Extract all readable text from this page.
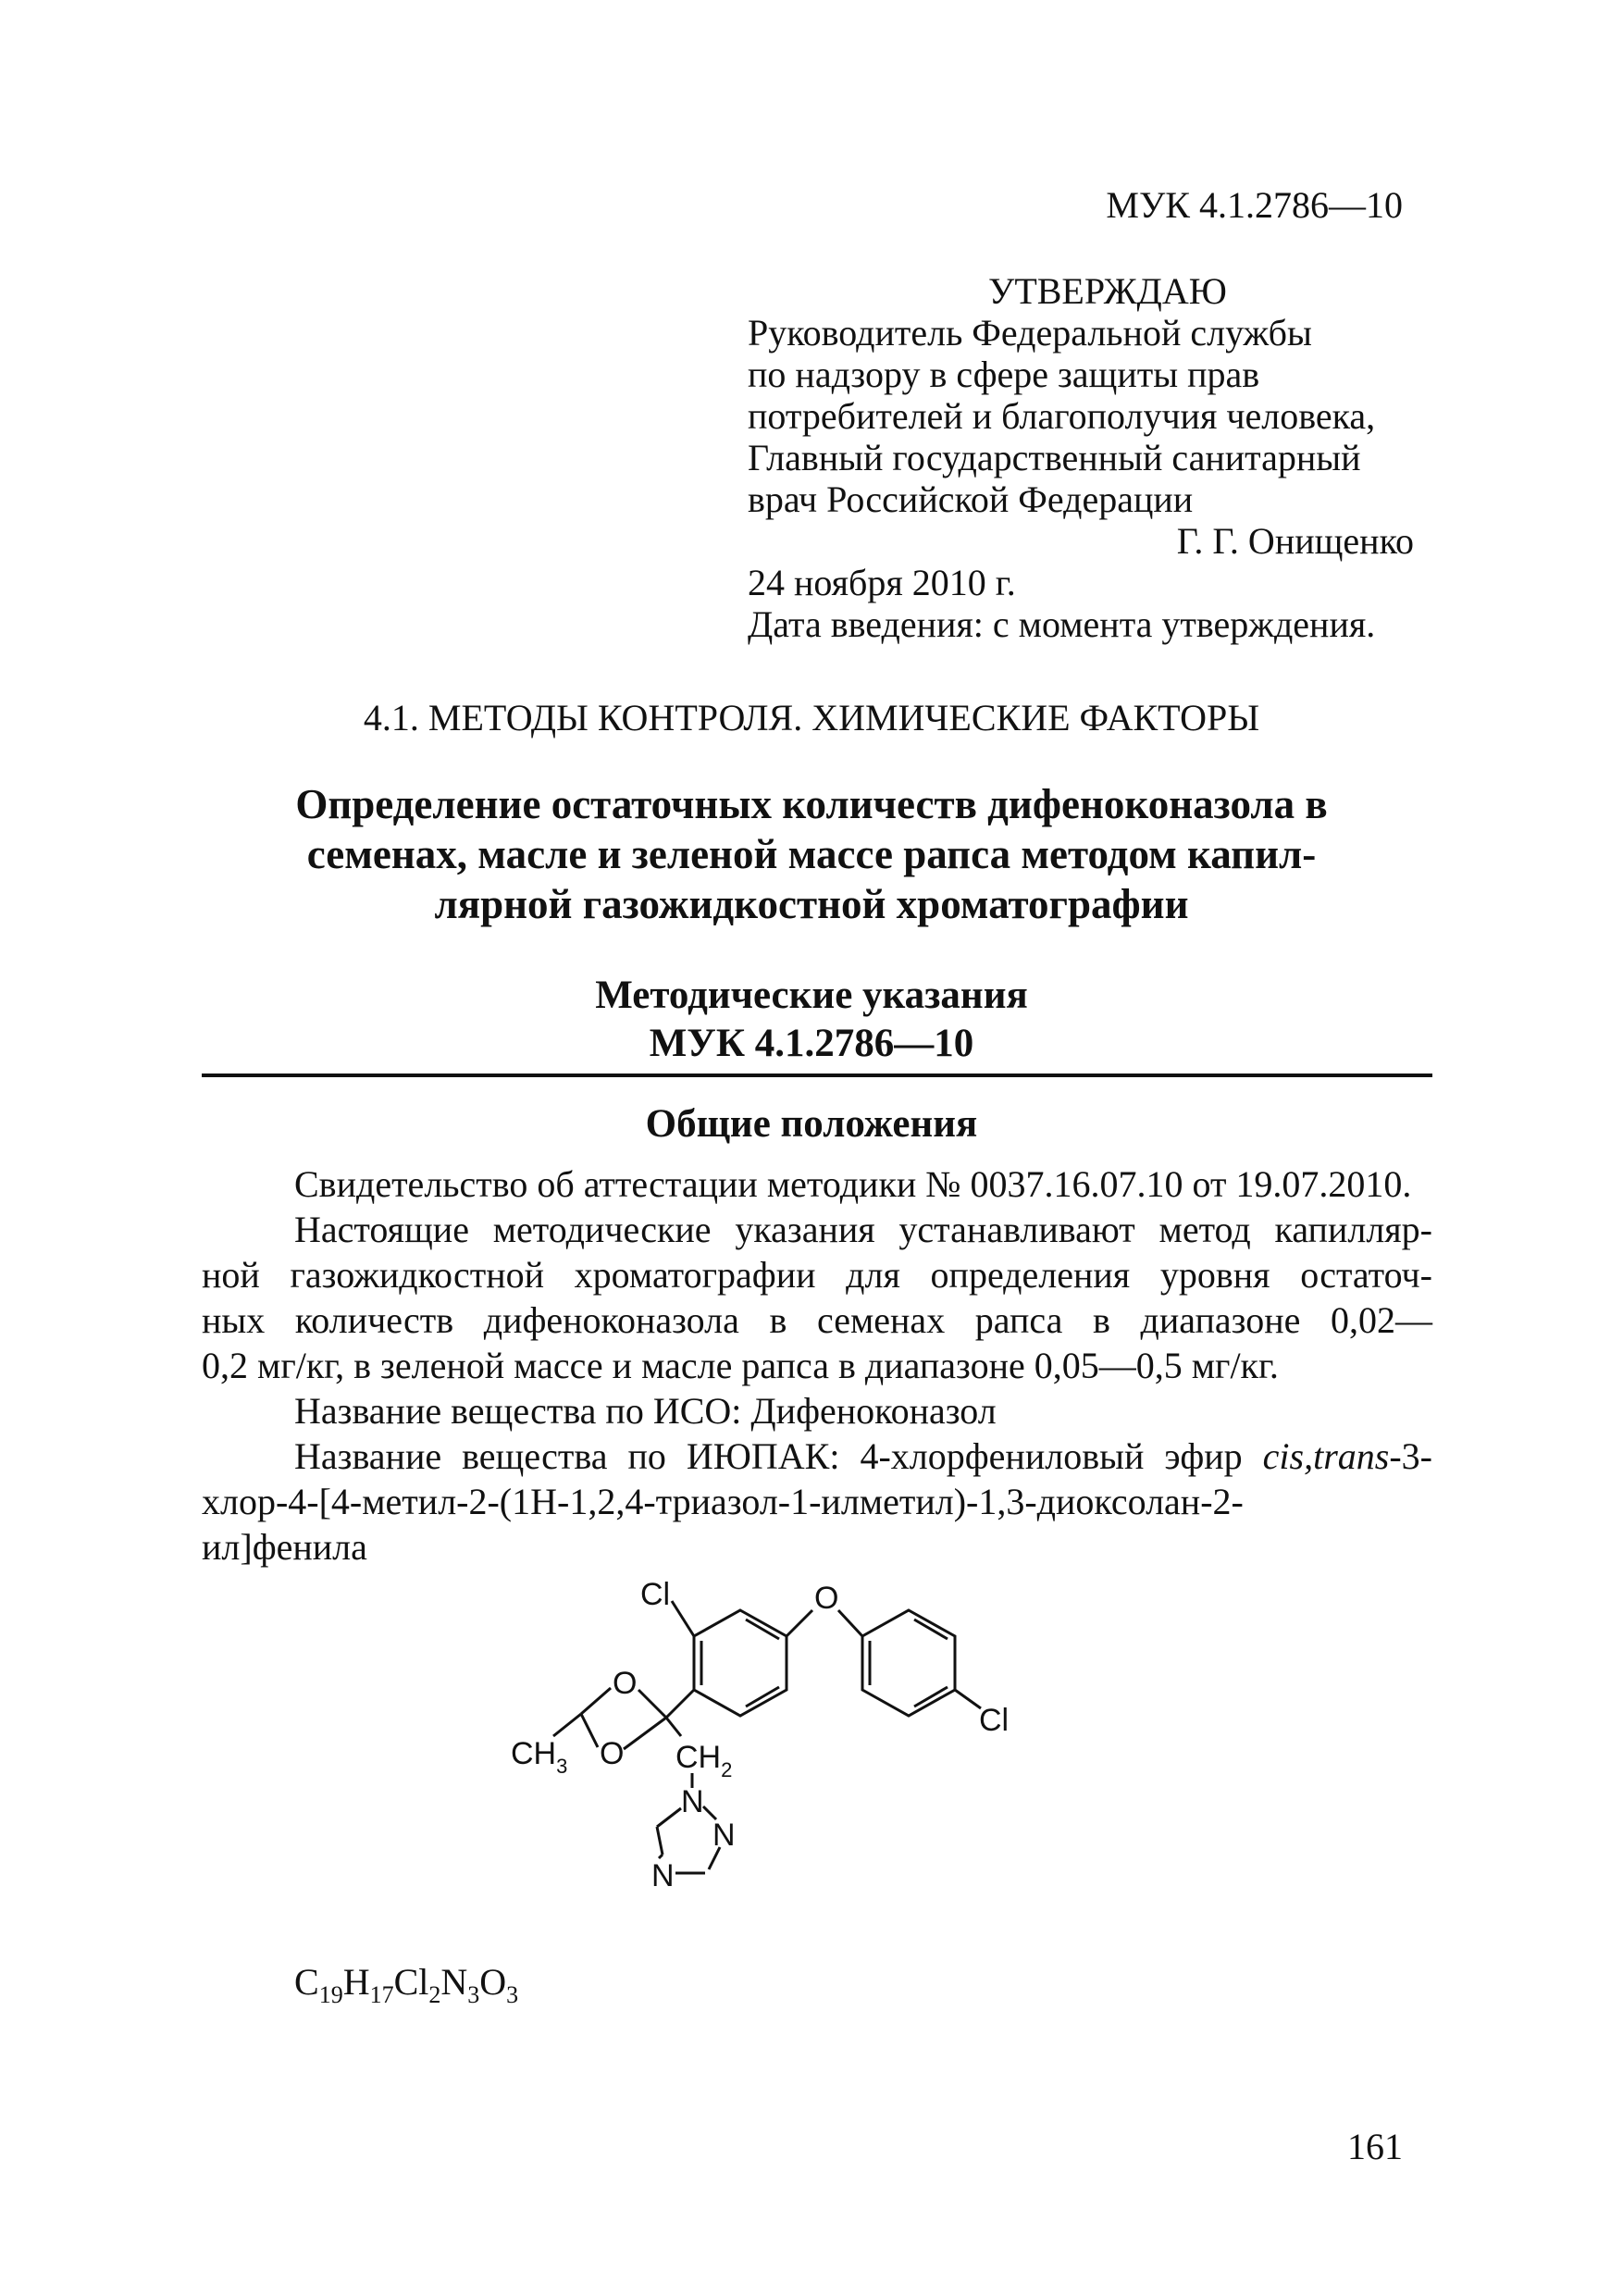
МУК 4.1.2786—10
УТВЕРЖДАЮ
Руководитель Федеральной службы
по надзору в сфере защиты прав
потребителей и благополучия человека,
Главный государственный санитарный
врач Российской Федерации
Г. Г. Онищенко
24 ноября 2010 г.
Дата введения: с момента утверждения.
4.1. МЕТОДЫ КОНТРОЛЯ. ХИМИЧЕСКИЕ ФАКТОРЫ
Определение остаточных количеств дифеноконазола в
семенах, масле и зеленой массе рапса методом капил-
лярной газожидкостной хроматографии
Методические указания
МУК 4.1.2786—10
Общие положения

Свидетельство об аттестации методики № 0037.16.07.10 от 19.07.2010.

Настоящие методические указания устанавливают метод капилляр-

ной газожидкостной хроматографии для определения уровня остаточ-

ных количеств дифеноконазола в семенах рапса в диапазоне 0,02—

0,2 мг/кг, в зеленой массе и масле рапса в диапазоне 0,05—0,5 мг/кг.

Название вещества по ИСО: Дифеноконазол

Название вещества по ИЮПАК: 4-хлорфениловый эфир cis,trans-3-

хлор-4-[4-метил-2-(1Н-1,2,4-триазол-1-илметил)-1,3-диоксолан-2-

ил]фенила

Cl	O
Cl
O
O
$CH_3$	$CH_2$
N
N
N
$C_{19}H_{17}Cl_2N_3O_3$
161
